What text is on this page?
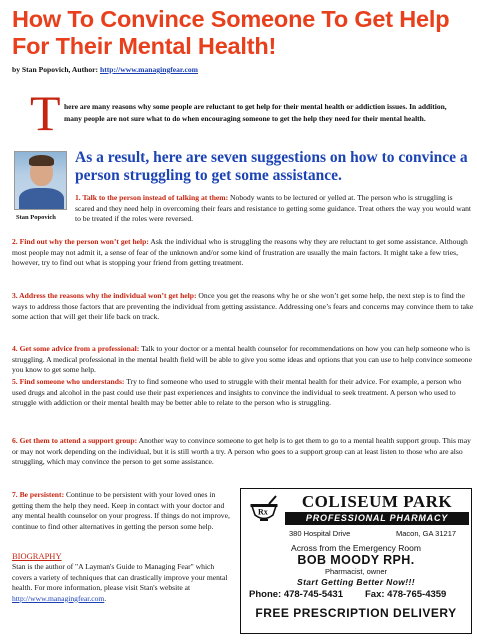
How To Convince Someone To Get Help For Their Mental Health!
by Stan Popovich, Author: http://www.managingfear.com
T here are many reasons why some people are reluctant to get help for their mental health or addiction issues. In addition, many people are not sure what to do when encouraging someone to get the help they need for their mental health.
Stan Popovich
As a result, here are seven suggestions on how to convince a person struggling to get some assistance.
1. Talk to the person instead of talking at them: Nobody wants to be lectured or yelled at. The person who is struggling is scared and they need help in overcoming their fears and resistance to getting some guidance. Treat others the way you would want to be treated if the roles were reversed.
2. Find out why the person won’t get help: Ask the individual who is struggling the reasons why they are reluctant to get some assistance. Although most people may not admit it, a sense of fear of the unknown and/or some kind of frustration are usually the main factors. It might take a few tries, however, try to find out what is stopping your friend from getting treatment.
3. Address the reasons why the individual won’t get help: Once you get the reasons why he or she won’t get some help, the next step is to find the ways to address those factors that are preventing the individual from getting assistance. Addressing one’s fears and concerns may convince them to take some action that will get their life back on track.
4. Get some advice from a professional: Talk to your doctor or a mental health counselor for recommendations on how you can help someone who is struggling. A medical professional in the mental health field will be able to give you some ideas and options that you can use to help convince someone you know to get some help.
5. Find someone who understands: Try to find someone who used to struggle with their mental health for their advice. For example, a person who used drugs and alcohol in the past could use their past experiences and insights to convince the individual to seek treatment. A person who used to struggle with addiction or their mental health may be better able to relate to the person who is struggling.
6. Get them to attend a support group: Another way to convince someone to get help is to get them to go to a mental health support group. This may or may not work depending on the individual, but it is still worth a try. A person who goes to a support group can at least listen to those who are also struggling, which may convince the person to get some assistance.
7. Be persistent: Continue to be persistent with your loved ones in getting them the help they need. Keep in contact with your doctor and any mental health counselor on your progress. If things do not improve, continue to find other alternatives in getting the person some help.
BIOGRAPHY
Stan is the author of "A Layman's Guide to Managing Fear" which covers a variety of techniques that can drastically improve your mental health. For more information, please visit Stan's website at http://www.managingfear.com.
Rx
COLISEUM PARK
PROFESSIONAL PHARMACY
380 Hospital Drive	Macon, GA 31217
Across from the Emergency Room
BOB MOODY RPH.
Pharmacist, owner
Start Getting Better Now!!!
Phone: 478-745-5431 Fax: 478-765-4359
FREE PRESCRIPTION DELIVERY
